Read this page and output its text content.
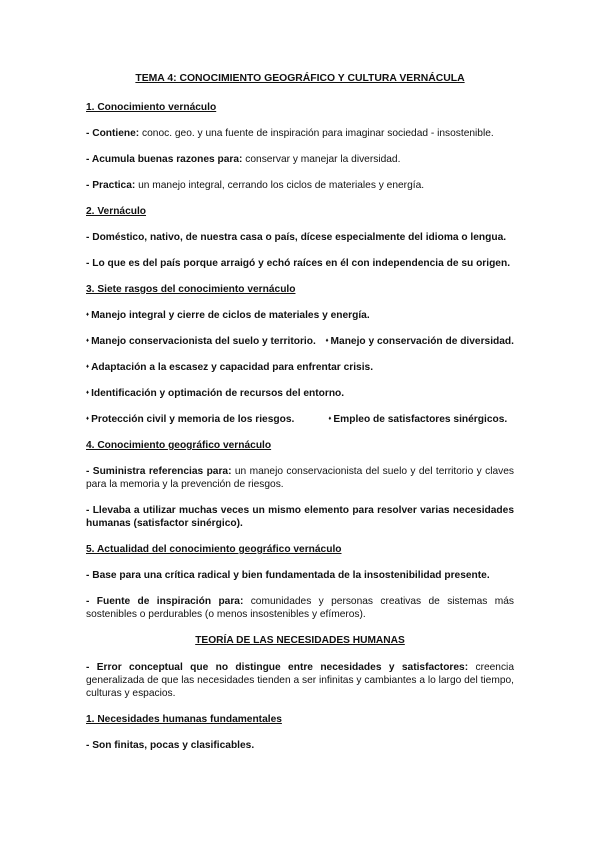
TEMA 4: CONOCIMIENTO GEOGRÁFICO Y CULTURA VERNÁCULA
1. Conocimiento vernáculo
- Contiene: conoc. geo. y una fuente de inspiración para imaginar sociedad - insostenible.
- Acumula buenas razones para: conservar y manejar la diversidad.
- Practica: un manejo integral, cerrando los ciclos de materiales y energía.
2. Vernáculo
- Doméstico, nativo, de nuestra casa o país, dícese especialmente del idioma o lengua.
- Lo que es del país porque arraigó y echó raíces en él con independencia de su origen.
3. Siete rasgos del conocimiento vernáculo
♦ Manejo integral y cierre de ciclos de materiales y energía.
♦ Manejo conservacionista del suelo y territorio. ♦ Manejo y conservación de diversidad.
♦ Adaptación a la escasez y capacidad para enfrentar crisis.
♦ Identificación y optimación de recursos del entorno.
♦ Protección civil y memoria de los riesgos.	♦ Empleo de satisfactores sinérgicos.
4. Conocimiento geográfico vernáculo
- Suministra referencias para: un manejo conservacionista del suelo y del territorio y claves para la memoria y la prevención de riesgos.
- Llevaba a utilizar muchas veces un mismo elemento para resolver varias necesidades humanas (satisfactor sinérgico).
5. Actualidad del conocimiento geográfico vernáculo
- Base para una crítica radical y bien fundamentada de la insostenibilidad presente.
- Fuente de inspiración para: comunidades y personas creativas de sistemas más sostenibles o perdurables (o menos insostenibles y efímeros).
TEORÍA DE LAS NECESIDADES HUMANAS
- Error conceptual que no distingue entre necesidades y satisfactores: creencia generalizada de que las necesidades tienden a ser infinitas y cambiantes a lo largo del tiempo, culturas y espacios.
1. Necesidades humanas fundamentales
- Son finitas, pocas y clasificables.
